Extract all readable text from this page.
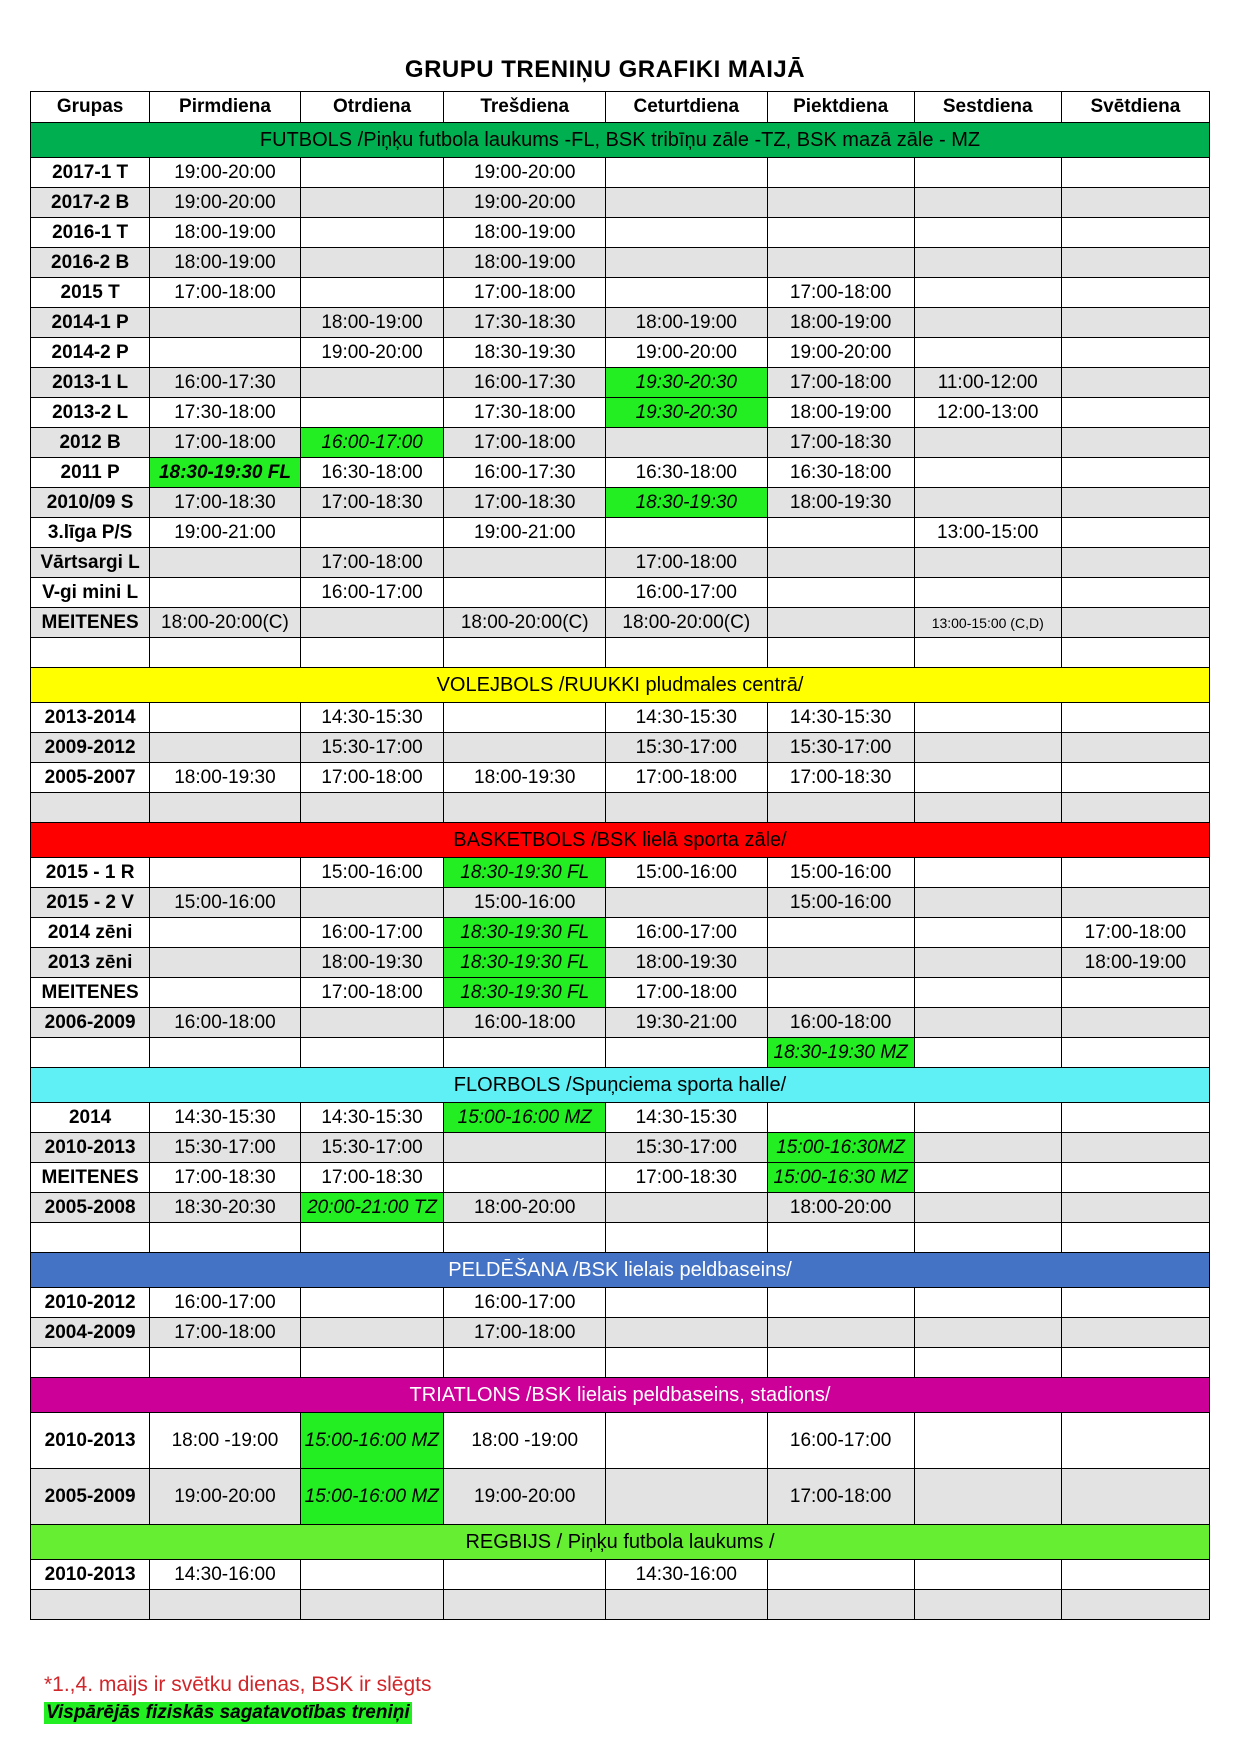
GRUPU TRENIŅU GRAFIKI MAIJĀ
Grupas	Pirmdiena	Otrdiena	Trešdiena	Ceturtdiena	Piektdiena	Sestdiena	Svētdiena
FUTBOLS /Piņķu futbola laukums -FL, BSK tribīņu zāle -TZ, BSK mazā zāle - MZ							
2017-1 T	19:00-20:00		19:00-20:00				
2017-2 B	19:00-20:00		19:00-20:00				
2016-1 T	18:00-19:00		18:00-19:00				
2016-2 B	18:00-19:00		18:00-19:00				
2015 T	17:00-18:00		17:00-18:00		17:00-18:00		
2014-1 P		18:00-19:00	17:30-18:30	18:00-19:00	18:00-19:00		
2014-2 P		19:00-20:00	18:30-19:30	19:00-20:00	19:00-20:00		
2013-1 L	16:00-17:30		16:00-17:30	19:30-20:30	17:00-18:00	11:00-12:00	
2013-2 L	17:30-18:00		17:30-18:00	19:30-20:30	18:00-19:00	12:00-13:00	
2012 B	17:00-18:00	16:00-17:00	17:00-18:00		17:00-18:30		
2011 P	18:30-19:30 FL	16:30-18:00	16:00-17:30	16:30-18:00	16:30-18:00		
2010/09 S	17:00-18:30	17:00-18:30	17:00-18:30	18:30-19:30	18:00-19:30		
3.līga P/S	19:00-21:00		19:00-21:00			13:00-15:00	
Vārtsargi L		17:00-18:00		17:00-18:00			
V-gi mini L		16:00-17:00		16:00-17:00			
MEITENES	18:00-20:00(C)		18:00-20:00(C)	18:00-20:00(C)		13:00-15:00 (C,D)	

VOLEJBOLS /RUUKKI pludmales centrā/							
2013-2014		14:30-15:30		14:30-15:30	14:30-15:30		
2009-2012		15:30-17:00		15:30-17:00	15:30-17:00		
2005-2007	18:00-19:30	17:00-18:00	18:00-19:30	17:00-18:00	17:00-18:30		

BASKETBOLS /BSK lielā sporta zāle/							
2015 - 1 R		15:00-16:00	18:30-19:30 FL	15:00-16:00	15:00-16:00		
2015 - 2 V	15:00-16:00		15:00-16:00		15:00-16:00		
2014 zēni		16:00-17:00	18:30-19:30 FL	16:00-17:00			17:00-18:00
2013 zēni		18:00-19:30	18:30-19:30 FL	18:00-19:30			18:00-19:00
MEITENES		17:00-18:00	18:30-19:30 FL	17:00-18:00			
2006-2009	16:00-18:00		16:00-18:00	19:30-21:00	16:00-18:00		
					18:30-19:30 MZ		
FLORBOLS /Spuņciema sporta halle/							
2014	14:30-15:30	14:30-15:30	15:00-16:00 MZ	14:30-15:30			
2010-2013	15:30-17:00	15:30-17:00		15:30-17:00	15:00-16:30MZ		
MEITENES	17:00-18:30	17:00-18:30		17:00-18:30	15:00-16:30 MZ		
2005-2008	18:30-20:30	20:00-21:00 TZ	18:00-20:00		18:00-20:00		

PELDĒŠANA /BSK lielais peldbaseins/							
2010-2012	16:00-17:00		16:00-17:00				
2004-2009	17:00-18:00		17:00-18:00				

TRIATLONS /BSK lielais peldbaseins, stadions/							
2010-2013	18:00 -19:00	15:00-16:00 MZ	18:00 -19:00		16:00-17:00		
2005-2009	19:00-20:00	15:00-16:00 MZ	19:00-20:00		17:00-18:00		
REGBIJS / Piņķu futbola laukums /							
2010-2013	14:30-16:00			14:30-16:00			

*1.,4. maijs ir svētku dienas, BSK ir slēgts
Vispārējās fiziskās sagatavotības treniņi
